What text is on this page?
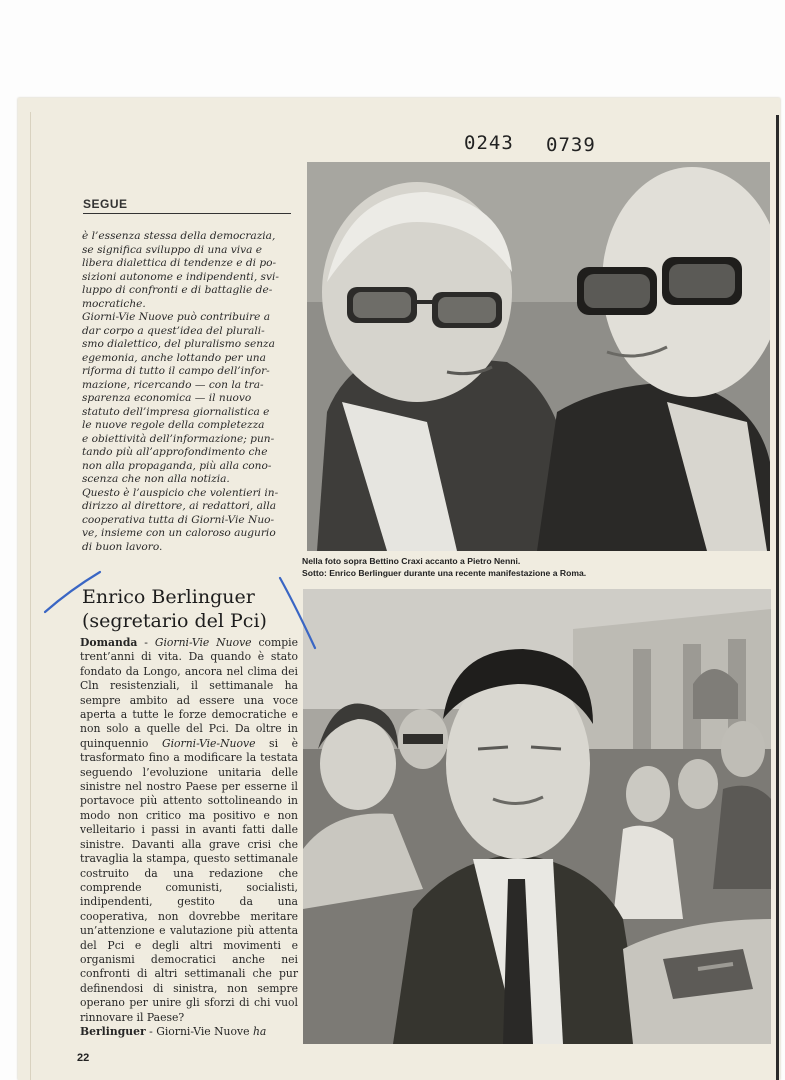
0243 0739
SEGUE

è l’essenza stessa della democrazia,

se significa sviluppo di una viva e

libera dialettica di tendenze e di po-

sizioni autonome e indipendenti, svi-

luppo di confronti e di battaglie de-

mocratiche.

Giorni-Vie Nuove può contribuire a

dar corpo a quest’idea del plurali-

smo dialettico, del pluralismo senza

egemonia, anche lottando per una

riforma di tutto il campo dell’infor-

mazione, ricercando — con la tra-

sparenza economica — il nuovo

statuto dell’impresa giornalistica e

le nuove regole della completezza

e obiettività dell’informazione; pun-

tando più all’approfondimento che

non alla propaganda, più alla cono-

scenza che non alla notizia.

Questo è l’auspicio che volentieri in-

dirizzo al direttore, ai redattori, alla

cooperativa tutta di Giorni-Vie Nuo-

ve, insieme con un caloroso augurio

di buon lavoro.

Enrico Berlinguer
(segretario del Pci)

Domanda - Giorni-Vie Nuove compie trent’anni di vita. Da quando è stato fondato da Longo, ancora nel clima dei Cln resistenziali, il settimanale ha sempre ambito ad essere una voce aperta a tutte le forze democratiche e non solo a quelle del Pci. Da oltre in quinquennio Giorni-Vie-Nuove si è trasformato fino a modificare la testata seguendo l’evoluzione unitaria delle sinistre nel nostro Paese per esserne il portavoce più attento sottolineando in modo non critico ma positivo e non velleitario i passi in avanti fatti dalle sinistre. Davanti alla grave crisi che travaglia la stampa, questo settimanale costruito da una redazione che comprende comunisti, socialisti, indipendenti, gestito da una cooperativa, non dovrebbe meritare un’attenzione e valutazione più attenta del Pci e degli altri movimenti e organismi democratici anche nei confronti di altri settimanali che pur definendosi di sinistra, non sempre operano per unire gli sforzi di chi vuol rinnovare il Paese?

Berlinguer - Giorni-Vie Nuove ha

22
Nella foto sopra Bettino Craxi accanto a Pietro Nenni.
Sotto: Enrico Berlinguer durante una recente manifestazione a Roma.
